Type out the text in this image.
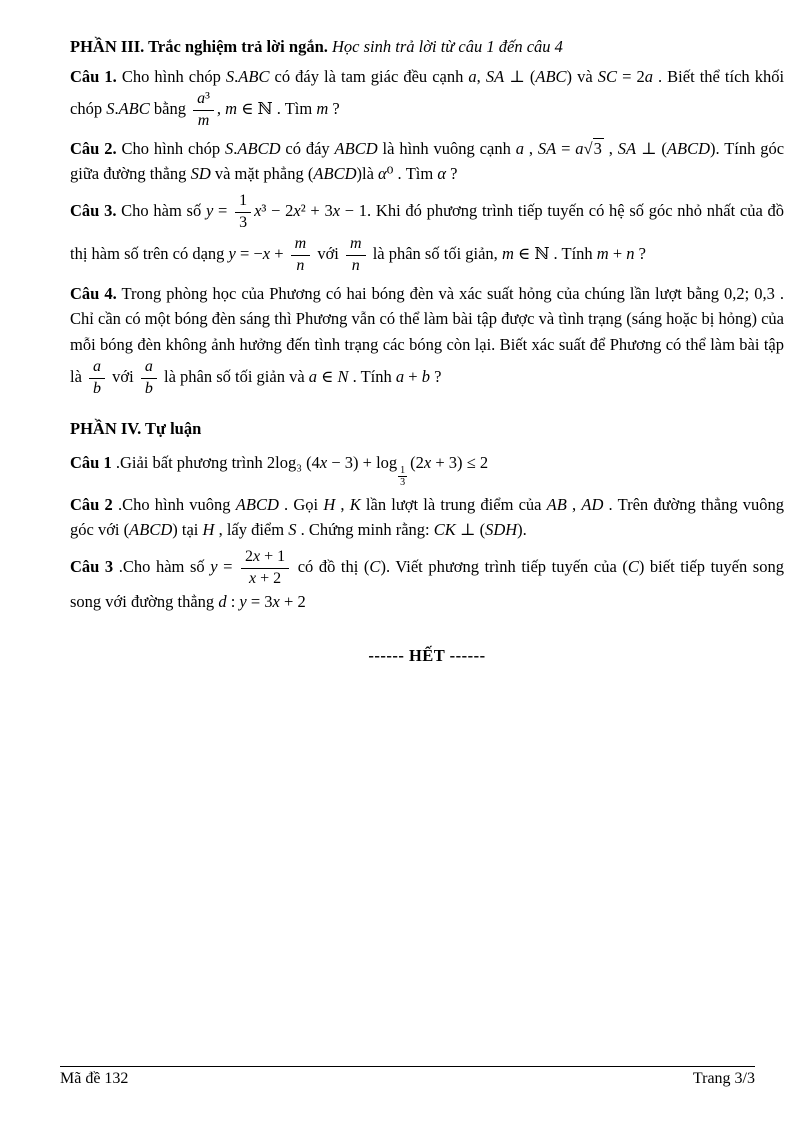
PHẦN III. Trắc nghiệm trả lời ngắn. Học sinh trả lời từ câu 1 đến câu 4

Câu 1. Cho hình chóp S.ABC có đáy là tam giác đều cạnh a, SA ⊥ (ABC) và SC = 2a . Biết thể tích khối chóp S.ABC bằng $\frac{\text{a³}}{m}$ , m ∈ ℕ . Tìm m ?

Câu 2. Cho hình chóp S.ABCD có đáy ABCD là hình vuông cạnh a , SA = a√3 , SA ⊥ (ABCD). Tính góc giữa đường thẳng SD và mặt phẳng (ABCD)là α⁰ . Tìm α ?

Câu 3. Cho hàm số $y = \frac{1}{3} x^3 - 2x^2 + 3x - 1$. Khi đó phương trình tiếp tuyến có hệ số góc nhỏ nhất của đồ thị hàm số trên có dạng $y = -x + \frac{m}{n}$ với $\frac{m}{n}$ là phân số tối giản, m ∈ ℕ . Tính m + n ?

Câu 4. Trong phòng học của Phương có hai bóng đèn và xác suất hỏng của chúng lần lượt bằng 0,2; 0,3 . Chỉ cần có một bóng đèn sáng thì Phương vẫn có thể làm bài tập được và tình trạng (sáng hoặc bị hỏng) của mỗi bóng đèn không ảnh hưởng đến tình trạng các bóng còn lại. Biết xác suất để Phương có thể làm bài tập là $\frac{a}{b}$ với $\frac{a}{b}$ là phân số tối giản và a ∈ N . Tính a + b ?

PHẦN IV. Tự luận

Câu 1 .Giải bất phương trình 2log₃ (4x − 3) + log
$\frac{1}{3}$
(2x + 3) ≤ 2

Câu 2 .Cho hình vuông ABCD . Gọi H , K lần lượt là trung điểm của AB , AD . Trên đường thẳng vuông góc với (ABCD) tại H , lấy điểm S . Chứng minh rằng: CK ⊥ (SDH).

Câu 3 .Cho hàm số $y = \frac{2x + 1}{x + 2}$ có đồ thị (C). Viết phương trình tiếp tuyến của (C) biết tiếp tuyến song song với đường thẳng d : y = 3x + 2

------ HẾT ------

Mã đề 132	Trang 3/3
